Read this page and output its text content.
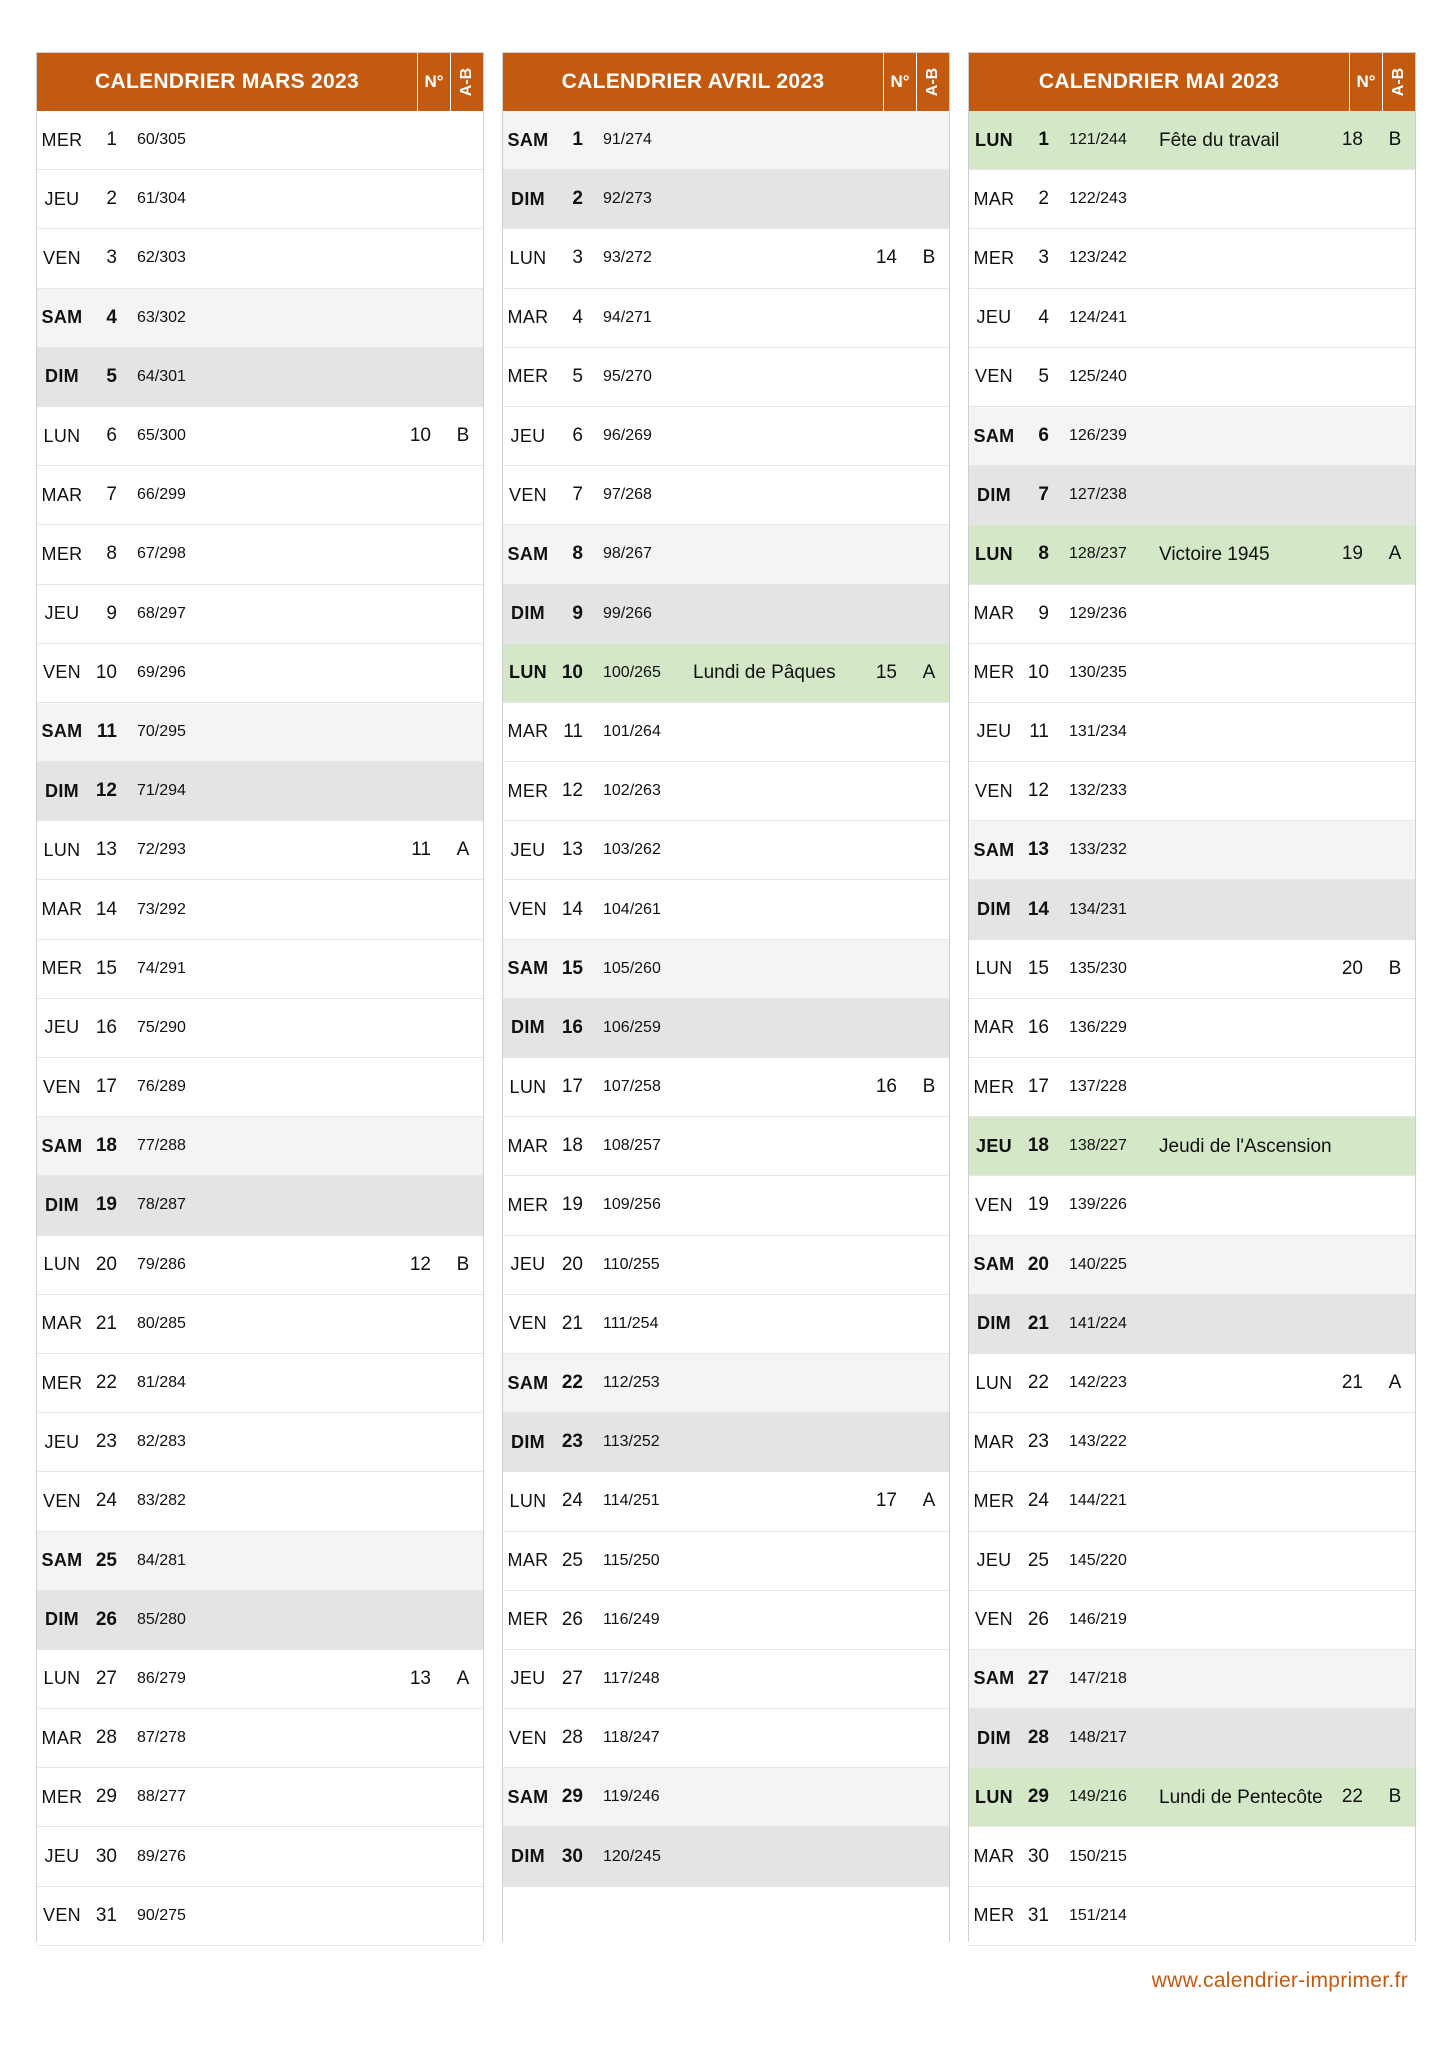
CALENDRIER MARS 2023	N° A-B
MER	1 60/305
JEU	2 61/304
VEN	3 62/303
SAM	4 63/302
DIM	5 64/301
LUN	6 65/300	10 B
MAR	7 66/299
MER	8 67/298
JEU	9 68/297
VEN 10 69/296
SAM 11 70/295
DIM 12 71/294
LUN 13 72/293	11 A
MAR 14 73/292
MER 15 74/291
JEU 16 75/290
VEN 17 76/289
SAM 18 77/288
DIM 19 78/287
LUN 20 79/286	12 B
MAR 21 80/285
MER 22 81/284
JEU 23 82/283
VEN 24 83/282
SAM 25 84/281
DIM 26 85/280
LUN 27 86/279	13 A
MAR 28 87/278
MER 29 88/277
JEU 30 89/276
VEN 31 90/275
CALENDRIER AVRIL 2023	N° A-B
SAM	1 91/274
DIM	2 92/273
LUN	3 93/272	14 B
MAR	4 94/271
MER	5 95/270
JEU	6 96/269
VEN	7 97/268
SAM	8 98/267
DIM	9 99/266
LUN 10 100/265 Lundi de Pâques	15 A
MAR 11 101/264
MER 12 102/263
JEU 13 103/262
VEN 14 104/261
SAM 15 105/260
DIM 16 106/259
LUN 17 107/258	16 B
MAR 18 108/257
MER 19 109/256
JEU 20 110/255
VEN 21 111/254
SAM 22 112/253
DIM 23 113/252
LUN 24 114/251	17 A
MAR 25 115/250
MER 26 116/249
JEU 27 117/248
VEN 28 118/247
SAM 29 119/246
DIM 30 120/245
CALENDRIER MAI 2023	N° A-B
LUN	1 121/244 Fête du travail	18 B
MAR	2 122/243
MER	3 123/242
JEU	4 124/241
VEN	5 125/240
SAM	6 126/239
DIM	7 127/238
LUN	8 128/237 Victoire 1945	19 A
MAR	9 129/236
MER 10 130/235
JEU 11 131/234
VEN 12 132/233
SAM 13 133/232
DIM 14 134/231
LUN 15 135/230	20 B
MAR 16 136/229
MER 17 137/228
JEU 18 138/227 Jeudi de l'Ascension
VEN 19 139/226
SAM 20 140/225
DIM 21 141/224
LUN 22 142/223	21 A
MAR 23 143/222
MER 24 144/221
JEU 25 145/220
VEN 26 146/219
SAM 27 147/218
DIM 28 148/217
LUN 29 149/216 Lundi de Pentecôte	22 B
MAR 30 150/215
MER 31 151/214
www.calendrier-imprimer.fr
